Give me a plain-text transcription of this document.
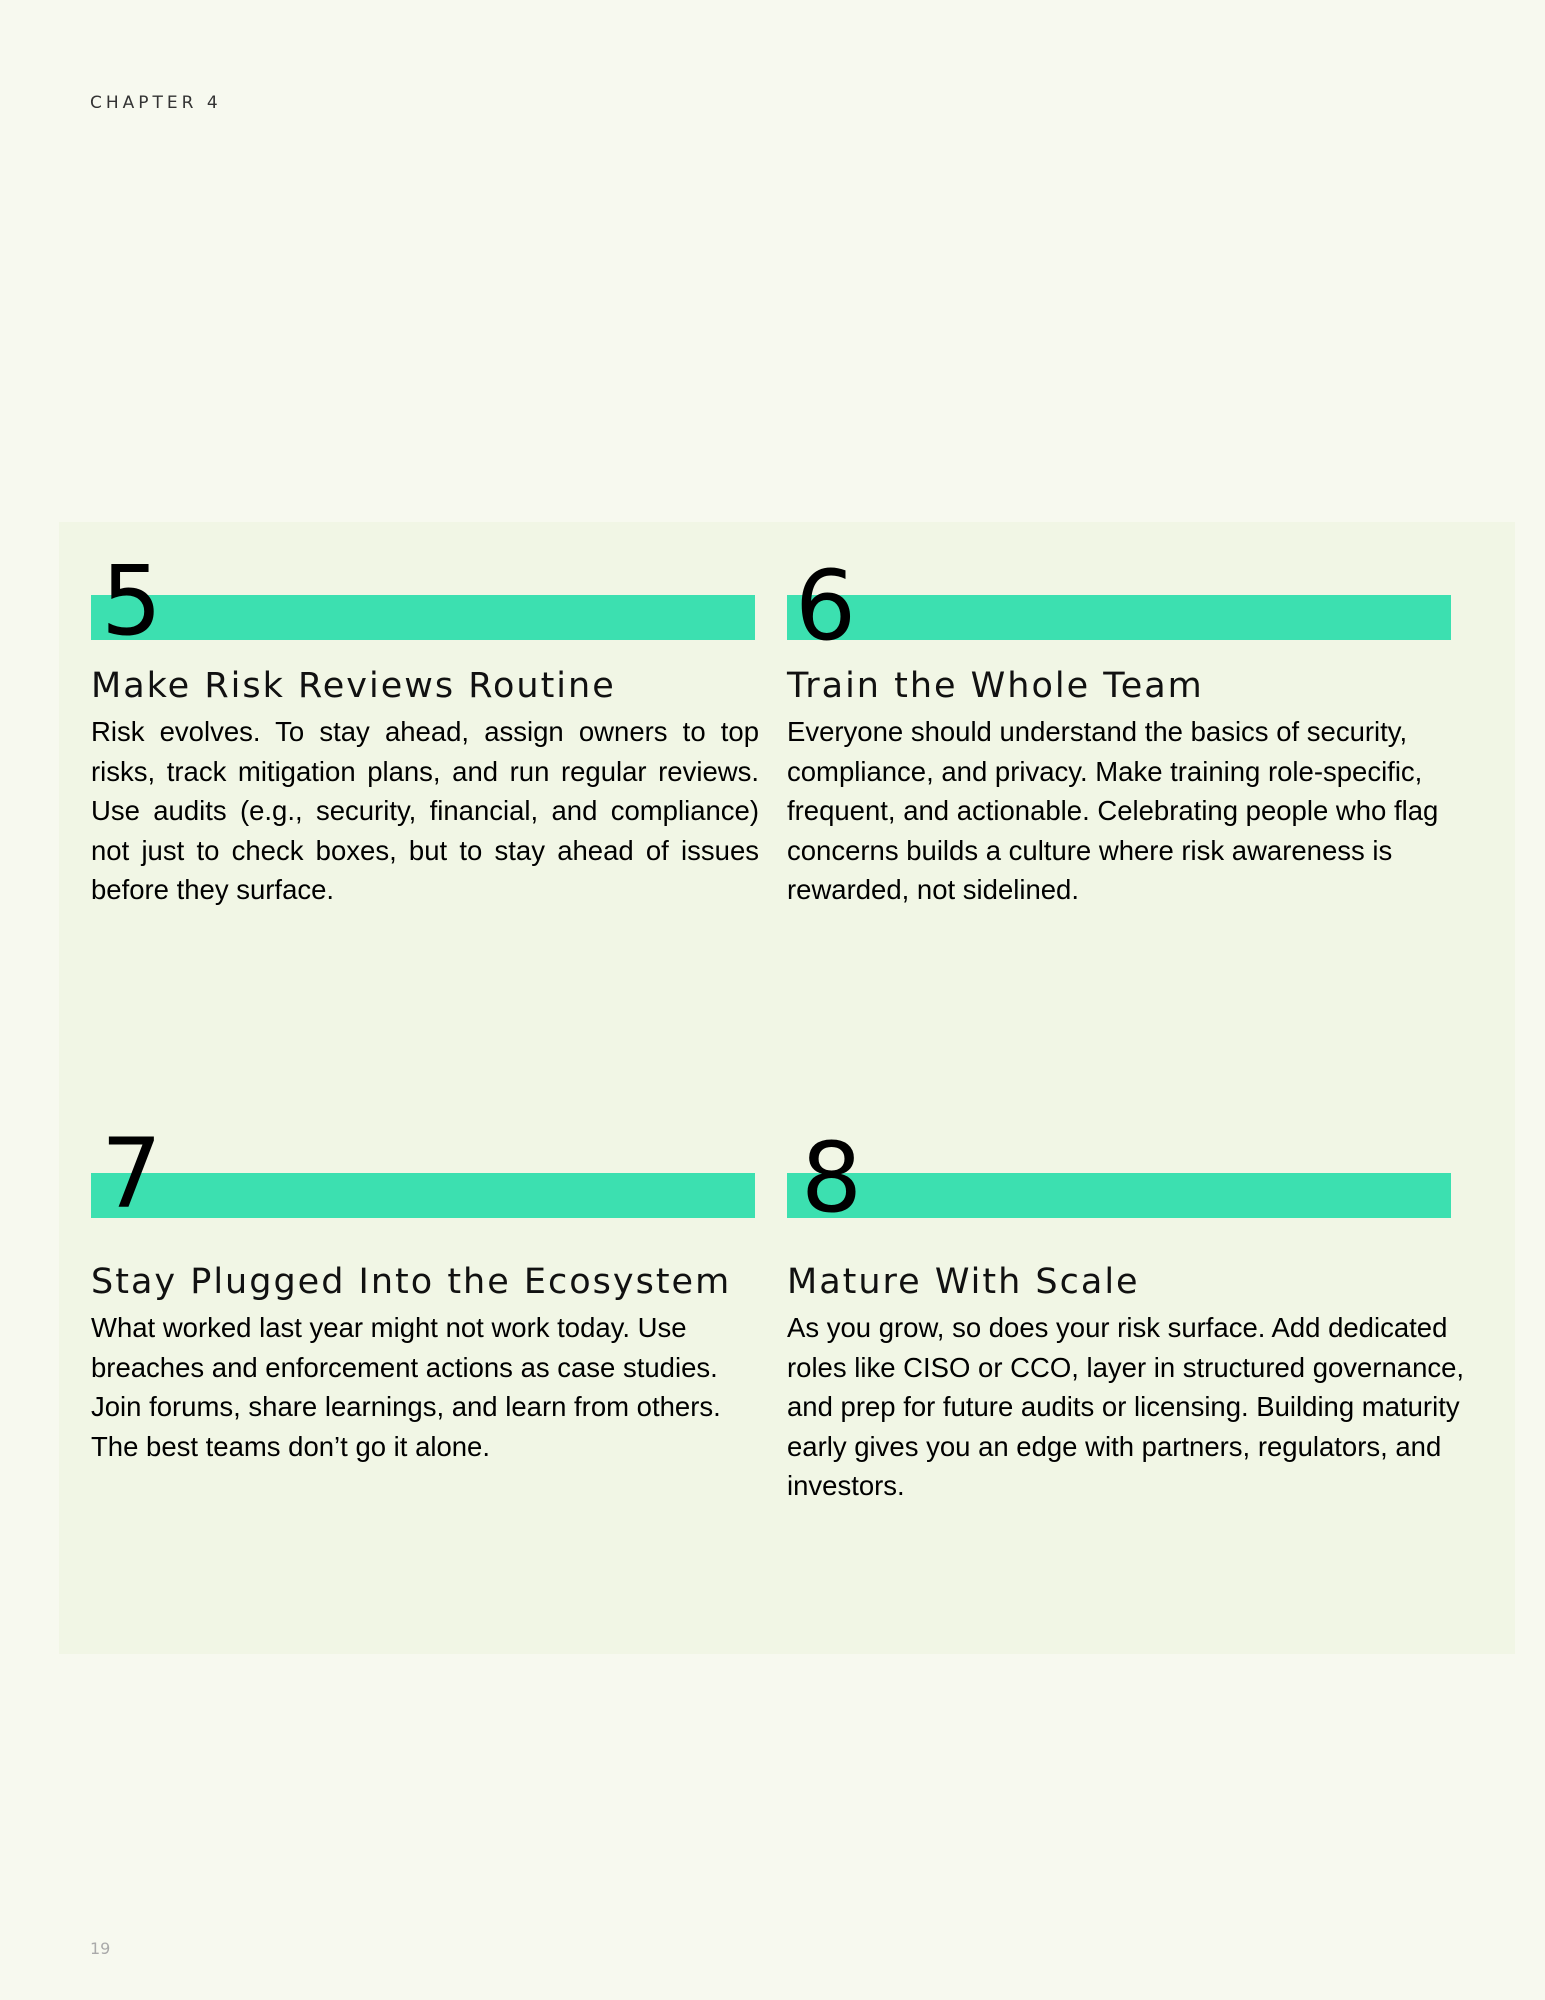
CHAPTER 4
5
Make Risk Reviews Routine
Risk evolves. To stay ahead, assign owners to top risks, track mitigation plans, and run regular reviews. Use audits (e.g., security, financial, and compliance) not just to check boxes, but to stay ahead of issues before they surface.
6
Train the Whole Team
Everyone should understand the basics of security, compliance, and privacy. Make training role-specific, frequent, and actionable. Celebrating people who flag concerns builds a culture where risk awareness is rewarded, not sidelined.
7
Stay Plugged Into the Ecosystem
What worked last year might not work today. Use breaches and enforcement actions as case studies. Join forums, share learnings, and learn from others. The best teams don’t go it alone.
8
Mature With Scale
As you grow, so does your risk surface. Add dedicated roles like CISO or CCO, layer in structured governance, and prep for future audits or licensing. Building maturity early gives you an edge with partners, regulators, and investors.
19
